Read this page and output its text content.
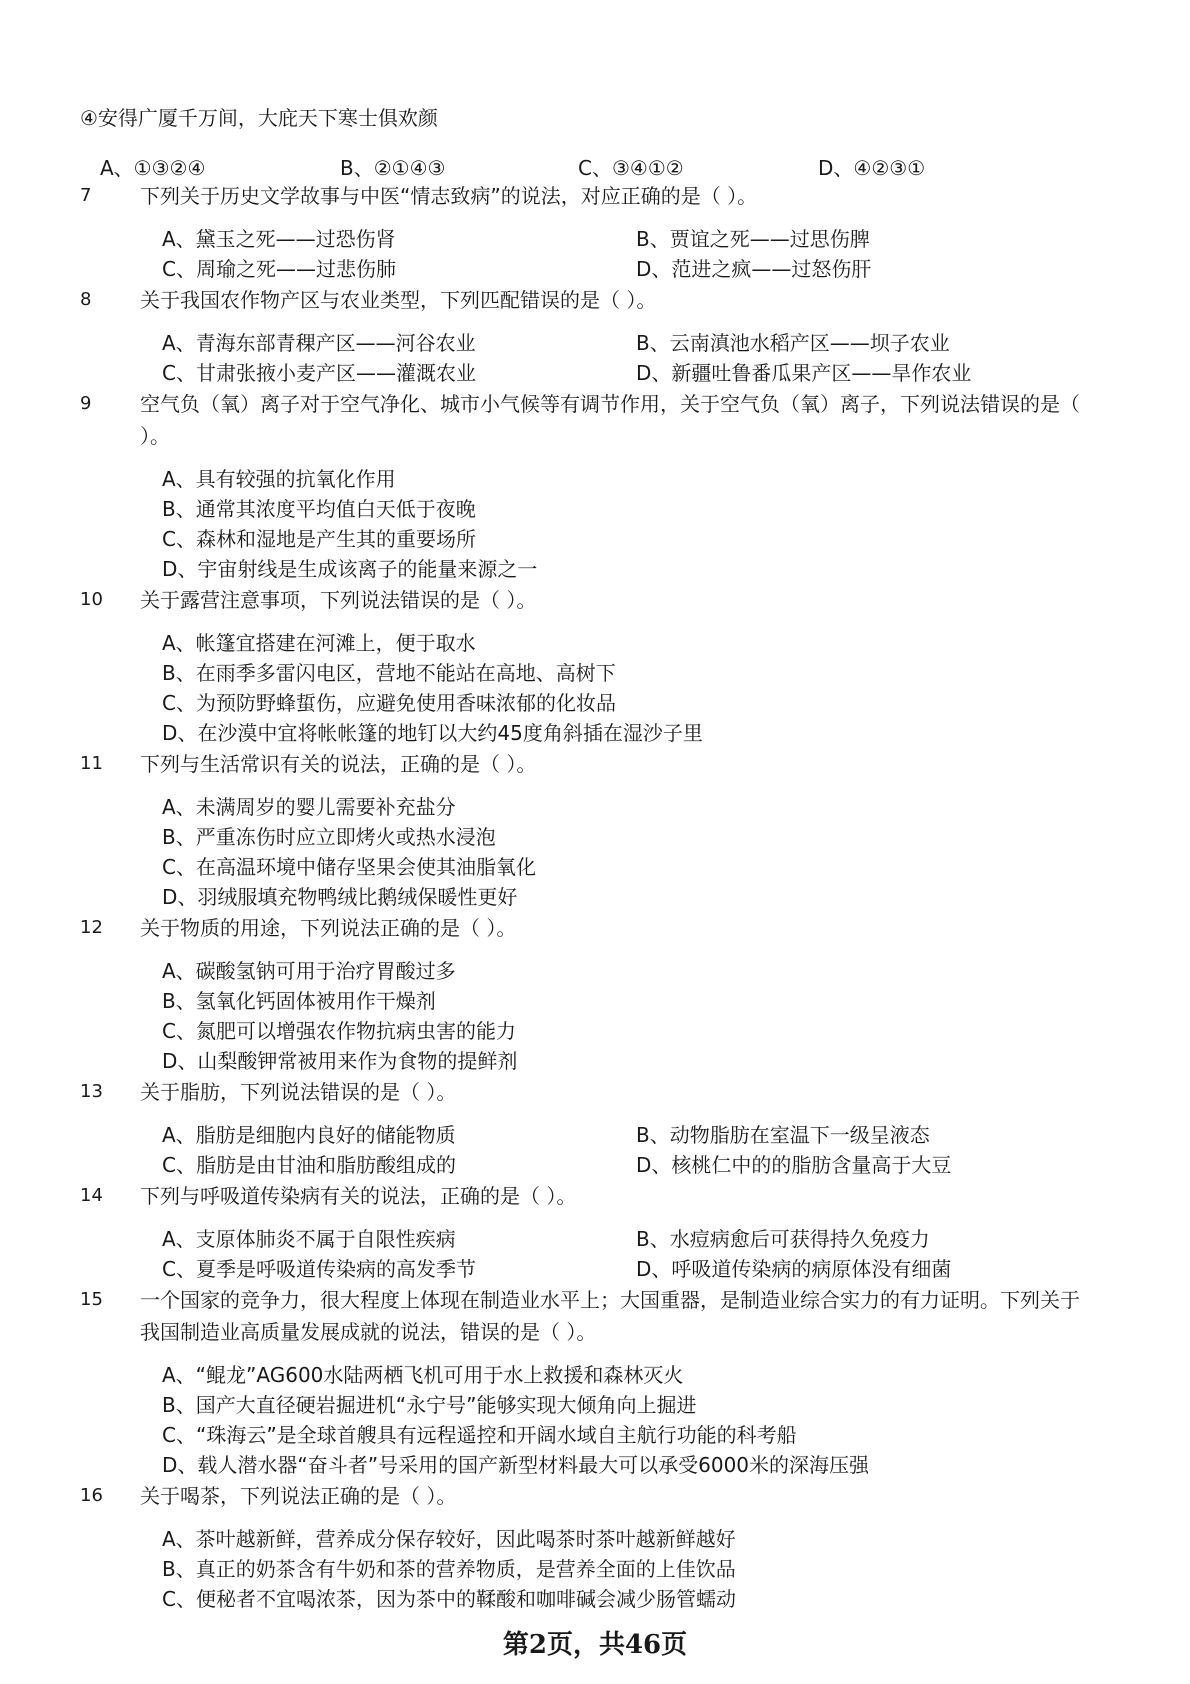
④安得广厦千万间，大庇天下寒士俱欢颜
A、①③②④	B、②①④③	C、③④①②	D、④②③①
7 下列关于历史文学故事与中医“情志致病”的说法，对应正确的是（ ）。
A、黛玉之死——过恐伤肾	B、贾谊之死——过思伤脾
C、周瑜之死——过悲伤肺	D、范进之疯——过怒伤肝
8 关于我国农作物产区与农业类型，下列匹配错误的是（ ）。
A、青海东部青稞产区——河谷农业	B、云南滇池水稻产区——坝子农业
C、甘肃张掖小麦产区——灌溉农业	D、新疆吐鲁番瓜果产区——旱作农业
9 空气负（氧）离子对于空气净化、城市小气候等有调节作用，关于空气负（氧）离子，下列说法错误的是（ ）。
A、具有较强的抗氧化作用
B、通常其浓度平均值白天低于夜晚
C、森林和湿地是产生其的重要场所
D、宇宙射线是生成该离子的能量来源之一
10 关于露营注意事项，下列说法错误的是（ ）。
A、帐篷宜搭建在河滩上，便于取水
B、在雨季多雷闪电区，营地不能站在高地、高树下
C、为预防野蜂蜇伤，应避免使用香味浓郁的化妆品
D、在沙漠中宜将帐帐篷的地钉以大约45度角斜插在湿沙子里
11 下列与生活常识有关的说法，正确的是（ ）。
A、未满周岁的婴儿需要补充盐分
B、严重冻伤时应立即烤火或热水浸泡
C、在高温环境中储存坚果会使其油脂氧化
D、羽绒服填充物鸭绒比鹅绒保暖性更好
12 关于物质的用途，下列说法正确的是（ ）。
A、碳酸氢钠可用于治疗胃酸过多
B、氢氧化钙固体被用作干燥剂
C、氮肥可以增强农作物抗病虫害的能力
D、山梨酸钾常被用来作为食物的提鲜剂
13 关于脂肪，下列说法错误的是（ ）。
A、脂肪是细胞内良好的储能物质	B、动物脂肪在室温下一级呈液态
C、脂肪是由甘油和脂肪酸组成的	D、核桃仁中的的脂肪含量高于大豆
14 下列与呼吸道传染病有关的说法，正确的是（ ）。
A、支原体肺炎不属于自限性疾病	B、水痘病愈后可获得持久免疫力
C、夏季是呼吸道传染病的高发季节	D、呼吸道传染病的病原体没有细菌
15 一个国家的竞争力，很大程度上体现在制造业水平上；大国重器，是制造业综合实力的有力证明。下列关于我国制造业高质量发展成就的说法，错误的是（ ）。
A、“鲲龙”AG600水陆两栖飞机可用于水上救援和森林灭火
B、国产大直径硬岩掘进机“永宁号”能够实现大倾角向上掘进
C、“珠海云”是全球首艘具有远程遥控和开阔水域自主航行功能的科考船
D、载人潜水器“奋斗者”号采用的国产新型材料最大可以承受6000米的深海压强
16 关于喝茶，下列说法正确的是（ ）。
A、茶叶越新鲜，营养成分保存较好，因此喝茶时茶叶越新鲜越好
B、真正的奶茶含有牛奶和茶的营养物质，是营养全面的上佳饮品
C、便秘者不宜喝浓茶，因为茶中的鞣酸和咖啡碱会减少肠管蠕动
第2页，共46页
